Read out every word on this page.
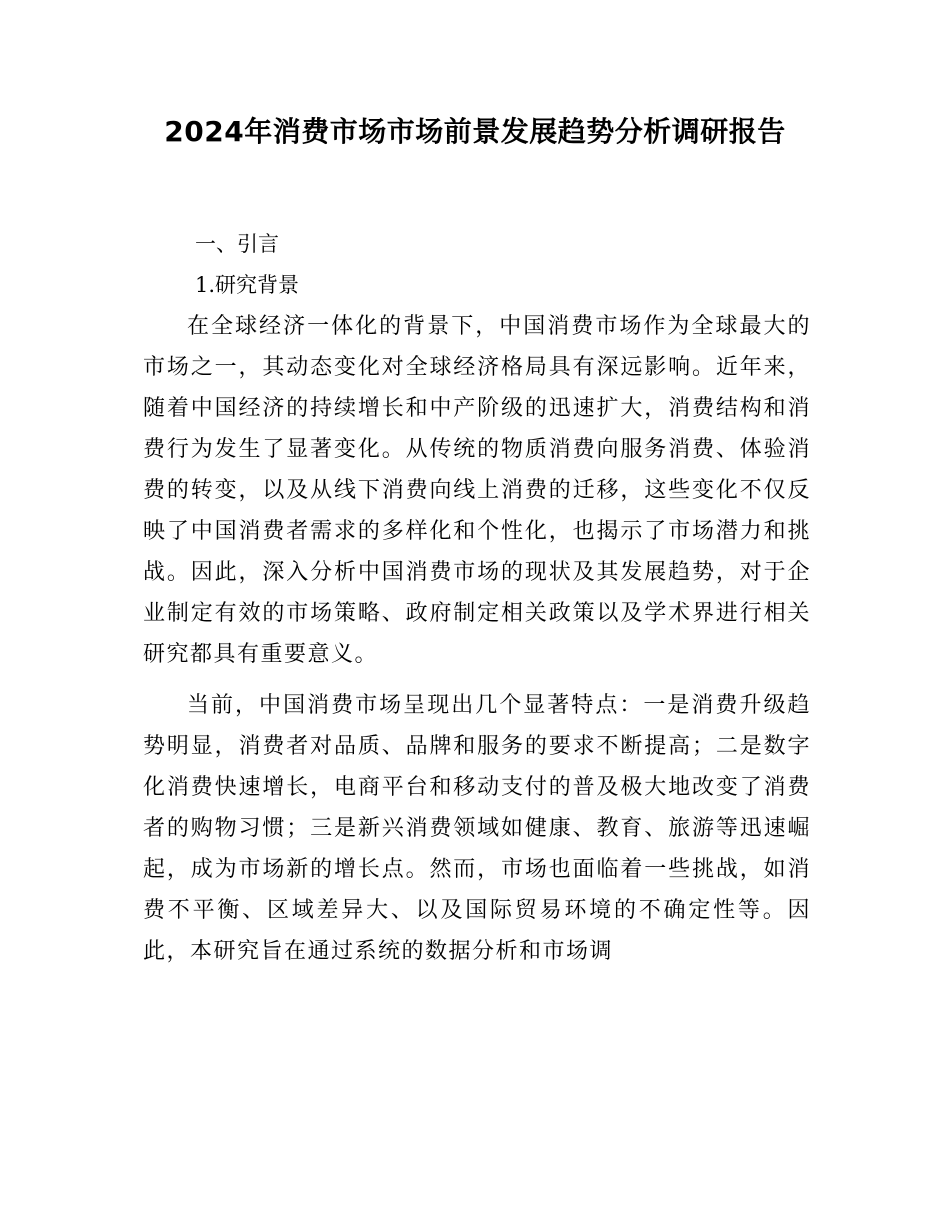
2024年消费市场市场前景发展趋势分析调研报告
一、引言
1.研究背景

在全球经济一体化的背景下，中国消费市场作为全球最大的市场之一，其动态变化对全球经济格局具有深远影响。近年来，随着中国经济的持续增长和中产阶级的迅速扩大，消费结构和消费行为发生了显著变化。从传统的物质消费向服务消费、体验消费的转变，以及从线下消费向线上消费的迁移，这些变化不仅反映了中国消费者需求的多样化和个性化，也揭示了市场潜力和挑战。因此，深入分析中国消费市场的现状及其发展趋势，对于企业制定有效的市场策略、政府制定相关政策以及学术界进行相关研究都具有重要意义。

当前，中国消费市场呈现出几个显著特点：一是消费升级趋势明显，消费者对品质、品牌和服务的要求不断提高；二是数字化消费快速增长，电商平台和移动支付的普及极大地改变了消费者的购物习惯；三是新兴消费领域如健康、教育、旅游等迅速崛起，成为市场新的增长点。然而，市场也面临着一些挑战，如消费不平衡、区域差异大、以及国际贸易环境的不确定性等。因此，本研究旨在通过系统的数据分析和市场调
